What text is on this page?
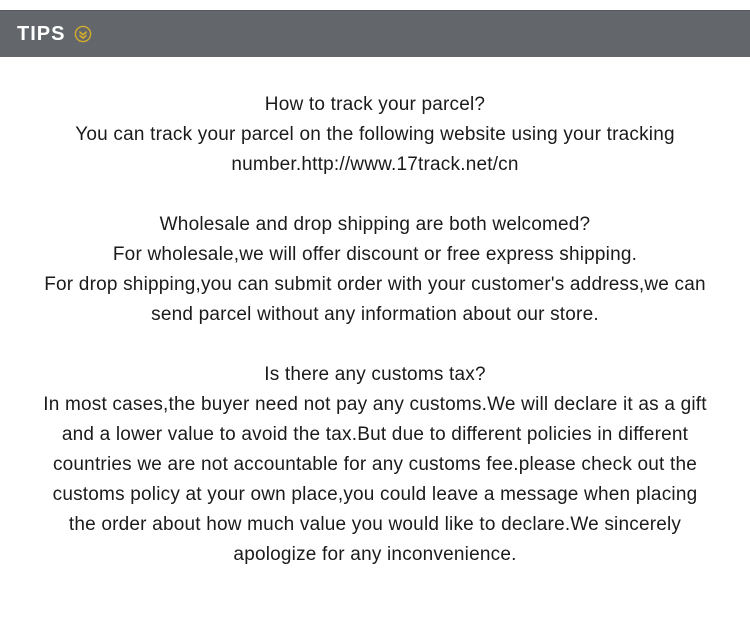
TIPS
How to track your parcel?
You can track your parcel on the following website using your tracking
number.http://www.17track.net/cn
Wholesale and drop shipping are both welcomed?
For wholesale,we will offer discount or free express shipping.
For drop shipping,you can submit order with your customer's address,we can
send parcel without any information about our store.
Is there any customs tax?
In most cases,the buyer need not pay any customs.We will declare it as a gift
and a lower value to avoid the tax.But due to different policies in different
countries we are not accountable for any customs fee.please check out the
customs policy at your own place,you could leave a message when placing
the order about how much value you would like to declare.We sincerely
apologize for any inconvenience.
